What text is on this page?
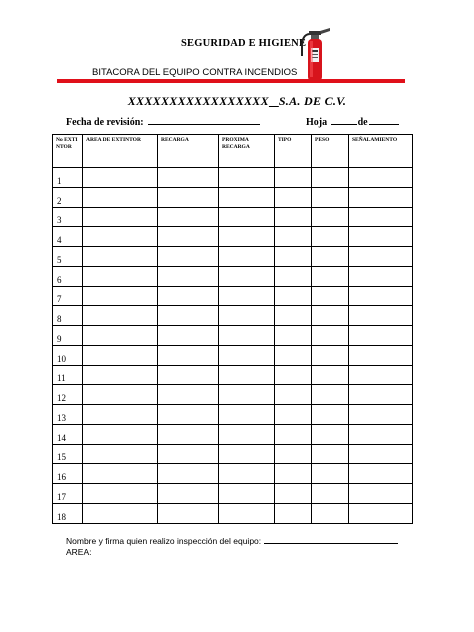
SEGURIDAD E HIGIENE
BITACORA DEL EQUIPO CONTRA INCENDIOS
XXXXXXXXXXXXXXXXX S.A. DE C.V.
Fecha de revisión:	Hoja	de
No EXTI NTOR	AREA DE EXTINTOR	RECARGA	PROXIMA RECARGA	TIPO	PESO	SEÑALAMIENTO
1						
2						
3						
4						
5						
6						
7						
8						
9						
10						
11						
12						
13						
14						
15						
16						
17						
18						
Nombre y firma quien realizo inspección del equipo:
AREA:
